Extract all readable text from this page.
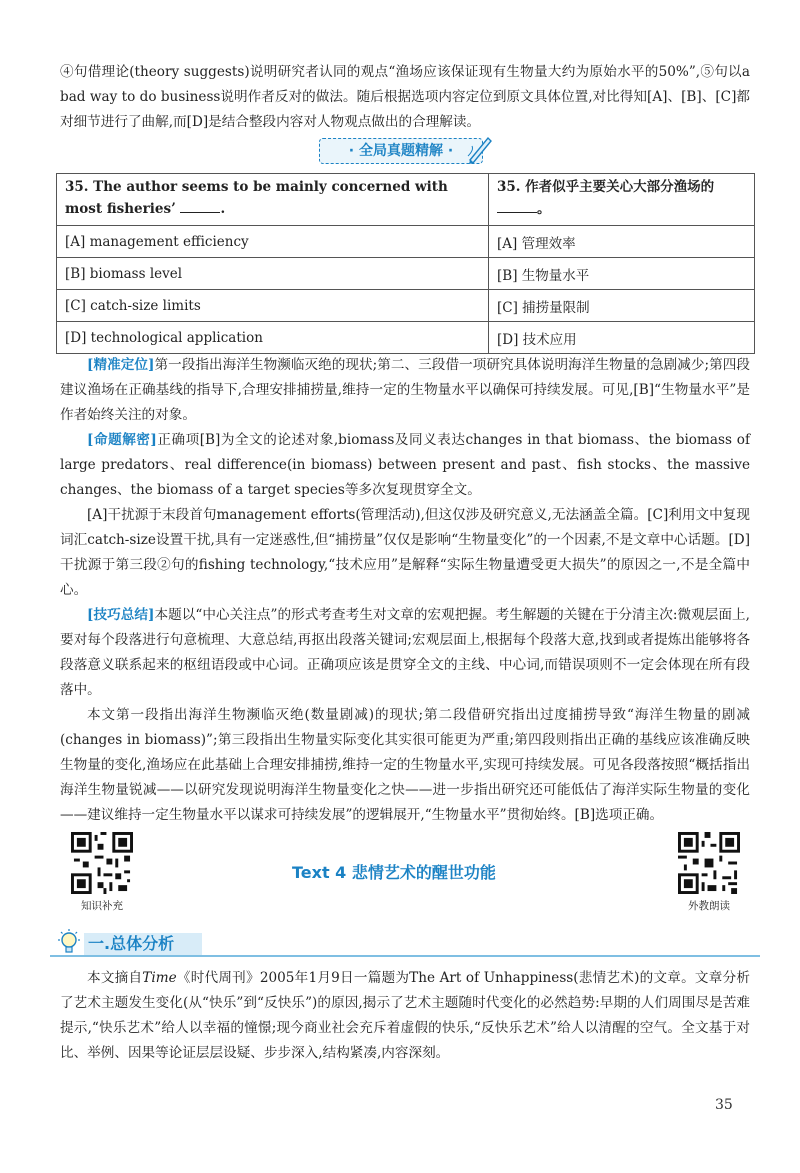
④句借理论(theory suggests)说明研究者认同的观点“渔场应该保证现有生物量大约为原始水平的50%”,⑤句以a bad way to do business说明作者反对的做法。随后根据选项内容定位到原文具体位置,对比得知[A]、[B]、[C]都对细节进行了曲解,而[D]是结合整段内容对人物观点做出的合理解读。

· 全局真题精解 ·
35. The author seems to be mainly concerned with most fisheries’ .	35. 作者似乎主要关心大部分渔场的 。
[A] management efficiency	[A] 管理效率
[B] biomass level	[B] 生物量水平
[C] catch-size limits	[C] 捕捞量限制
[D] technological application	[D] 技术应用

[精准定位]第一段指出海洋生物濒临灭绝的现状;第二、三段借一项研究具体说明海洋生物量的急剧减少;第四段建议渔场在正确基线的指导下,合理安排捕捞量,维持一定的生物量水平以确保可持续发展。可见,[B]“生物量水平”是作者始终关注的对象。

[命题解密]正确项[B]为全文的论述对象,biomass及同义表达changes in that biomass、the biomass of large predators、real difference(in biomass) between present and past、fish stocks、the massive changes、the biomass of a target species等多次复现贯穿全文。

[A]干扰源于末段首句management efforts(管理活动),但这仅涉及研究意义,无法涵盖全篇。[C]利用文中复现词汇catch-size设置干扰,具有一定迷惑性,但“捕捞量”仅仅是影响“生物量变化”的一个因素,不是文章中心话题。[D]干扰源于第三段②句的fishing technology,“技术应用”是解释“实际生物量遭受更大损失”的原因之一,不是全篇中心。

[技巧总结]本题以“中心关注点”的形式考查考生对文章的宏观把握。考生解题的关键在于分清主次:微观层面上,要对每个段落进行句意梳理、大意总结,再抠出段落关键词;宏观层面上,根据每个段落大意,找到或者提炼出能够将各段落意义联系起来的枢纽语段或中心词。正确项应该是贯穿全文的主线、中心词,而错误项则不一定会体现在所有段落中。

本文第一段指出海洋生物濒临灭绝(数量剧减)的现状;第二段借研究指出过度捕捞导致“海洋生物量的剧减(changes in biomass)”;第三段指出生物量实际变化其实很可能更为严重;第四段则指出正确的基线应该准确反映生物量的变化,渔场应在此基础上合理安排捕捞,维持一定的生物量水平,实现可持续发展。可见各段落按照“概括指出海洋生物量锐减——以研究发现说明海洋生物量变化之快——进一步指出研究还可能低估了海洋实际生物量的变化——建议维持一定生物量水平以谋求可持续发展”的逻辑展开,“生物量水平”贯彻始终。[B]选项正确。

知识补充	外教朗读
Text 4 悲情艺术的醒世功能
一.总体分析

本文摘自Time《时代周刊》2005年1月9日一篇题为The Art of Unhappiness(悲情艺术)的文章。文章分析了艺术主题发生变化(从“快乐”到“反快乐”)的原因,揭示了艺术主题随时代变化的必然趋势:早期的人们周围尽是苦难提示,“快乐艺术”给人以幸福的憧憬;现今商业社会充斥着虚假的快乐,“反快乐艺术”给人以清醒的空气。全文基于对比、举例、因果等论证层层设疑、步步深入,结构紧凑,内容深刻。

35
